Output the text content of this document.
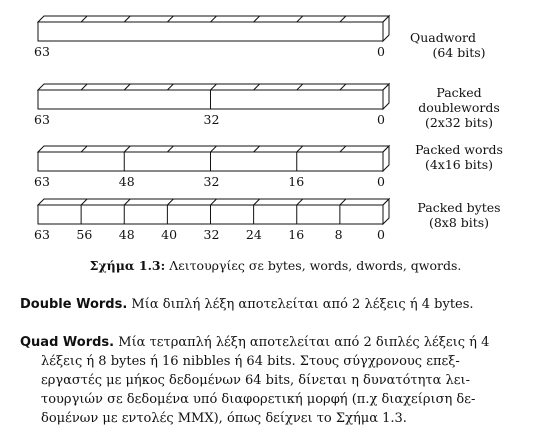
Quadword
(64 bits)
63	0
Packed doublewords
(2x32 bits)
63	32	0
Packed words
(4x16 bits)
63	48	32	16	0
Packed bytes
(8x8 bits)
63 56 48 40 32 24 16 8	0
Σχήμα 1.3: Λειτουργίες σε bytes, words, dwords, qwords.
Double Words. Μία διπλή λέξη αποτελείται από 2 λέξεις ή 4 bytes.
Quad Words. Μία τετραπλή λέξη αποτελείται από 2 διπλές λέξεις ή 4
λέξεις ή 8 bytes ή 16 nibbles ή 64 bits. Στους σύγχρονους επεξ-
εργαστές με μήκος δεδομένων 64 bits, δίνεται η δυνατότητα λει-
τουργιών σε δεδομένα υπό διαφορετική μορφή (π.χ διαχείριση δε-
δομένων με εντολές MMX), όπως δείχνει το Σχήμα 1.3.
